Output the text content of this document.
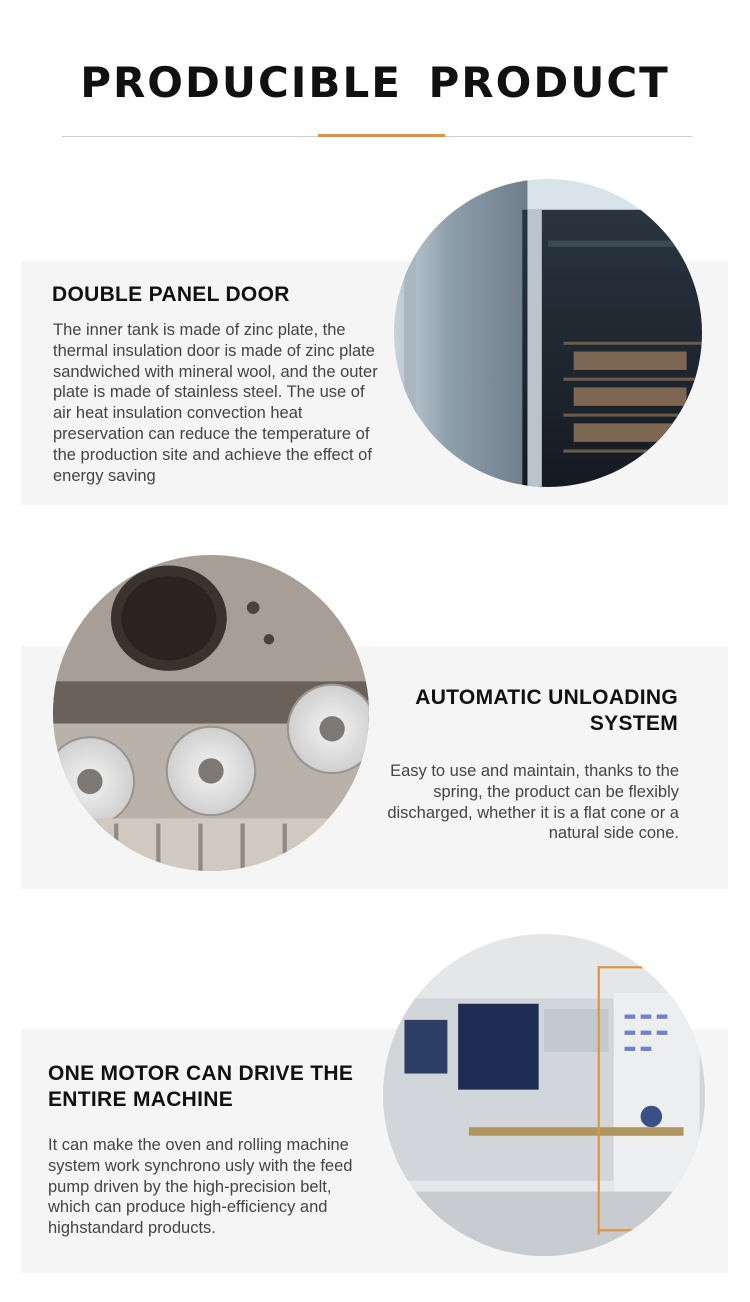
PRODUCIBLE PRODUCT
DOUBLE PANEL DOOR

The inner tank is made of zinc plate, the thermal insulation door is made of zinc plate sandwiched with mineral wool, and the outer plate is made of stainless steel. The use of air heat insulation convection heat preservation can reduce the temperature of the production site and achieve the effect of energy saving

AUTOMATIC UNLOADING SYSTEM

Easy to use and maintain, thanks to the spring, the product can be flexibly discharged, whether it is a flat cone or a natural side cone.

ONE MOTOR CAN DRIVE THE ENTIRE MACHINE

It can make the oven and rolling machine system work synchrono usly with the feed pump driven by the high-precision belt, which can produce high-efficiency and highstandard products.
